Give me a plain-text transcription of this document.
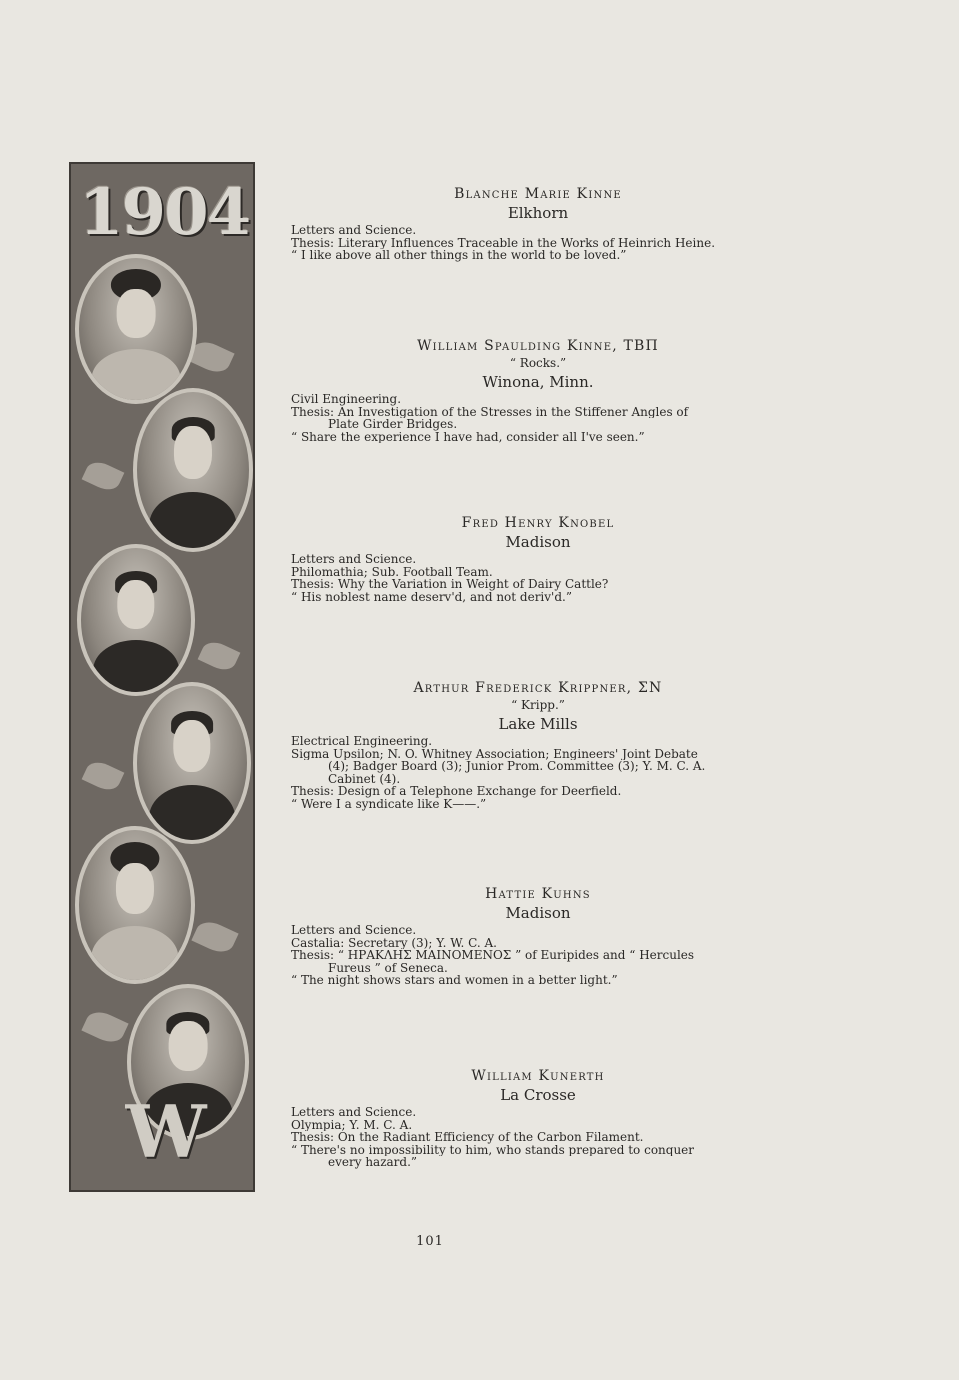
1904
W

Blanche Marie Kinne

Elkhorn

Letters and Science.

Thesis: Literary Influences Traceable in the Works of Heinrich Heine.

“ I like above all other things in the world to be loved.”

William Spaulding Kinne, TBΠ

“ Rocks.”

Winona, Minn.

Civil Engineering.

Thesis: An Investigation of the Stresses in the Stiffener Angles of

Plate Girder Bridges.

“ Share the experience I have had, consider all I've seen.”

Fred Henry Knobel

Madison

Letters and Science.

Philomathia; Sub. Football Team.

Thesis: Why the Variation in Weight of Dairy Cattle?

“ His noblest name deserv'd, and not deriv'd.”

Arthur Frederick Krippner, ΣN

“ Kripp.”

Lake Mills

Electrical Engineering.

Sigma Upsilon; N. O. Whitney Association; Engineers' Joint Debate

(4); Badger Board (3); Junior Prom. Committee (3); Y. M. C. A.

Cabinet (4).

Thesis: Design of a Telephone Exchange for Deerfield.

“ Were I a syndicate like K——.”

Hattie Kuhns

Madison

Letters and Science.

Castalia: Secretary (3); Y. W. C. A.

Thesis: “ ΗΡΑΚΛΗΣ ΜΑΙΝΟΜΕΝΟΣ ” of Euripides and “ Hercules

Fureus ” of Seneca.

“ The night shows stars and women in a better light.”

William Kunerth

La Crosse

Letters and Science.

Olympia; Y. M. C. A.

Thesis: On the Radiant Efficiency of the Carbon Filament.

“ There's no impossibility to him, who stands prepared to conquer

every hazard.”

101
